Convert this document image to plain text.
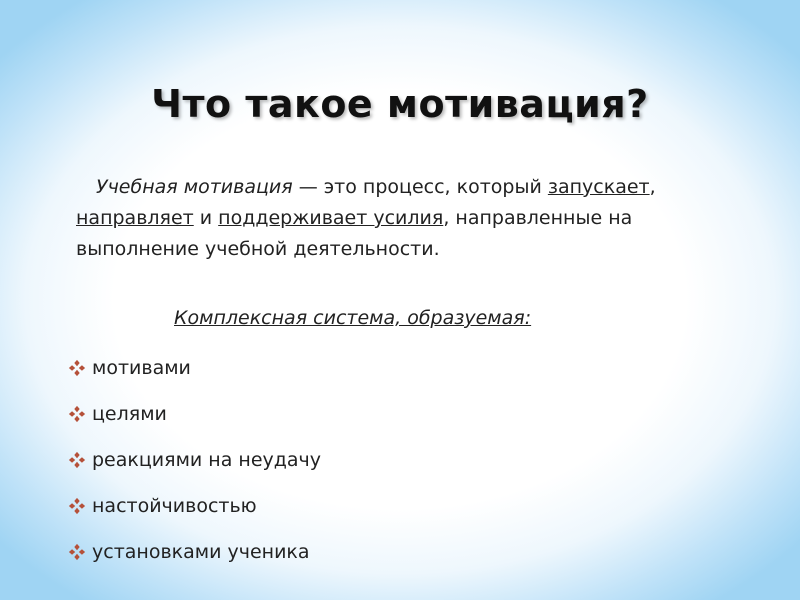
Что такое мотивация?

Учебная мотивация — это процесс, который запускает, направляет и поддерживает усилия, направленные на выполнение учебной деятельности.

Комплексная система, образуемая:

мотивами
целями
реакциями на неудачу
настойчивостью
установками ученика
